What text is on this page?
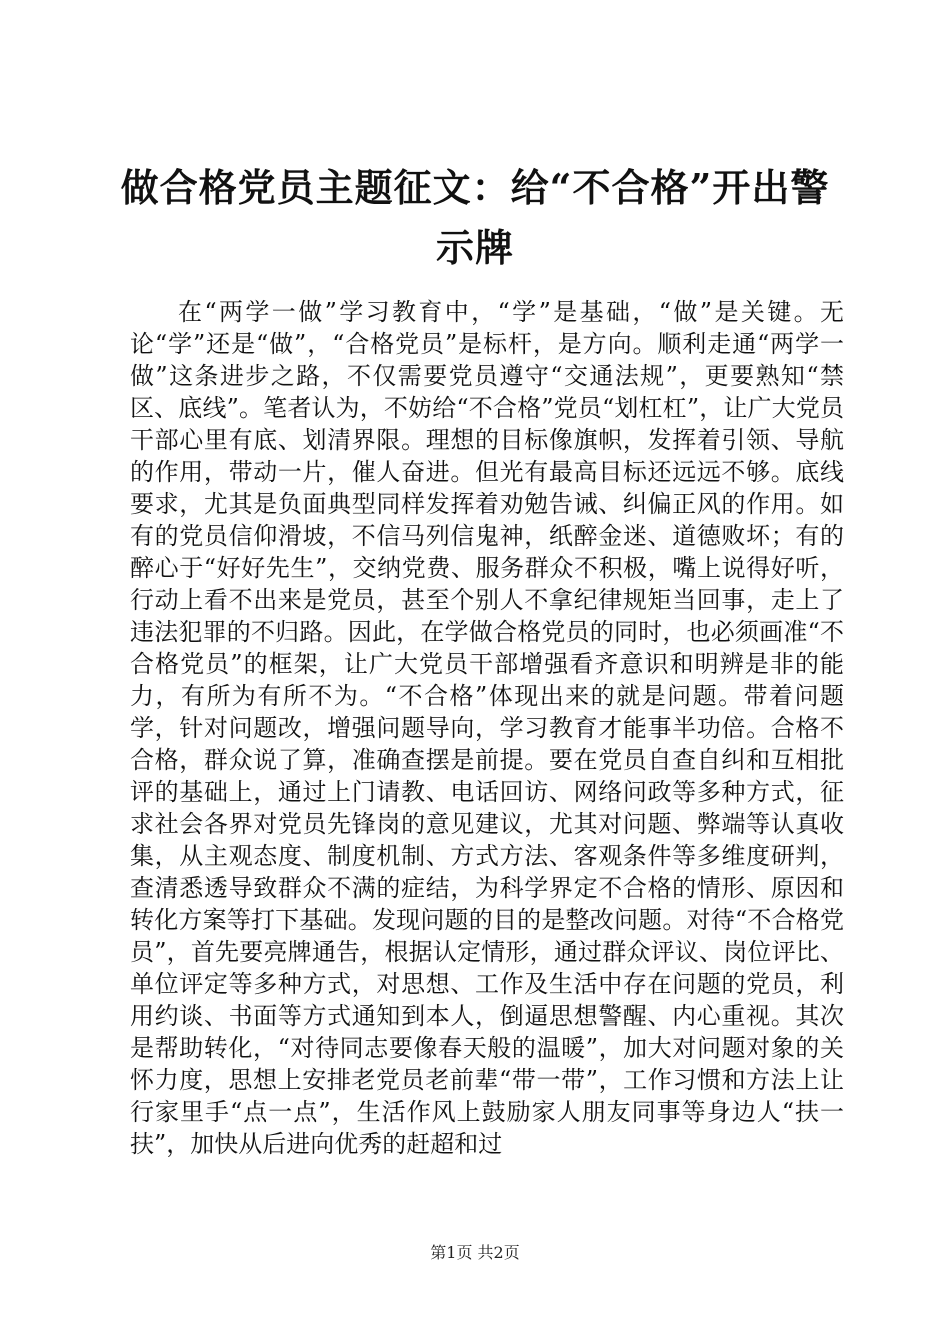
做合格党员主题征文：给“不合格”开出警示牌

在“两学一做”学习教育中，“学”是基础，“做”是关键。无论“学”还是“做”，“合格党员”是标杆，是方向。顺利走通“两学一做”这条进步之路，不仅需要党员遵守“交通法规”，更要熟知“禁区、底线”。笔者认为，不妨给“不合格”党员“划杠杠”，让广大党员干部心里有底、划清界限。理想的目标像旗帜，发挥着引领、导航的作用，带动一片，催人奋进。但光有最高目标还远远不够。底线要求，尤其是负面典型同样发挥着劝勉告诫、纠偏正风的作用。如有的党员信仰滑坡，不信马列信鬼神，纸醉金迷、道德败坏；有的醉心于“好好先生”，交纳党费、服务群众不积极，嘴上说得好听，行动上看不出来是党员，甚至个别人不拿纪律规矩当回事，走上了违法犯罪的不归路。因此，在学做合格党员的同时，也必须画准“不合格党员”的框架，让广大党员干部增强看齐意识和明辨是非的能力，有所为有所不为。“不合格”体现出来的就是问题。带着问题学，针对问题改，增强问题导向，学习教育才能事半功倍。合格不合格，群众说了算，准确查摆是前提。要在党员自查自纠和互相批评的基础上，通过上门请教、电话回访、网络问政等多种方式，征求社会各界对党员先锋岗的意见建议，尤其对问题、弊端等认真收集，从主观态度、制度机制、方式方法、客观条件等多维度研判，查清悉透导致群众不满的症结，为科学界定不合格的情形、原因和转化方案等打下基础。发现问题的目的是整改问题。对待“不合格党员”，首先要亮牌通告，根据认定情形，通过群众评议、岗位评比、单位评定等多种方式，对思想、工作及生活中存在问题的党员，利用约谈、书面等方式通知到本人，倒逼思想警醒、内心重视。其次是帮助转化，“对待同志要像春天般的温暖”，加大对问题对象的关怀力度，思想上安排老党员老前辈“带一带”，工作习惯和方法上让行家里手“点一点”，生活作风上鼓励家人朋友同事等身边人“扶一扶”，加快从后进向优秀的赶超和过

第1页 共2页
